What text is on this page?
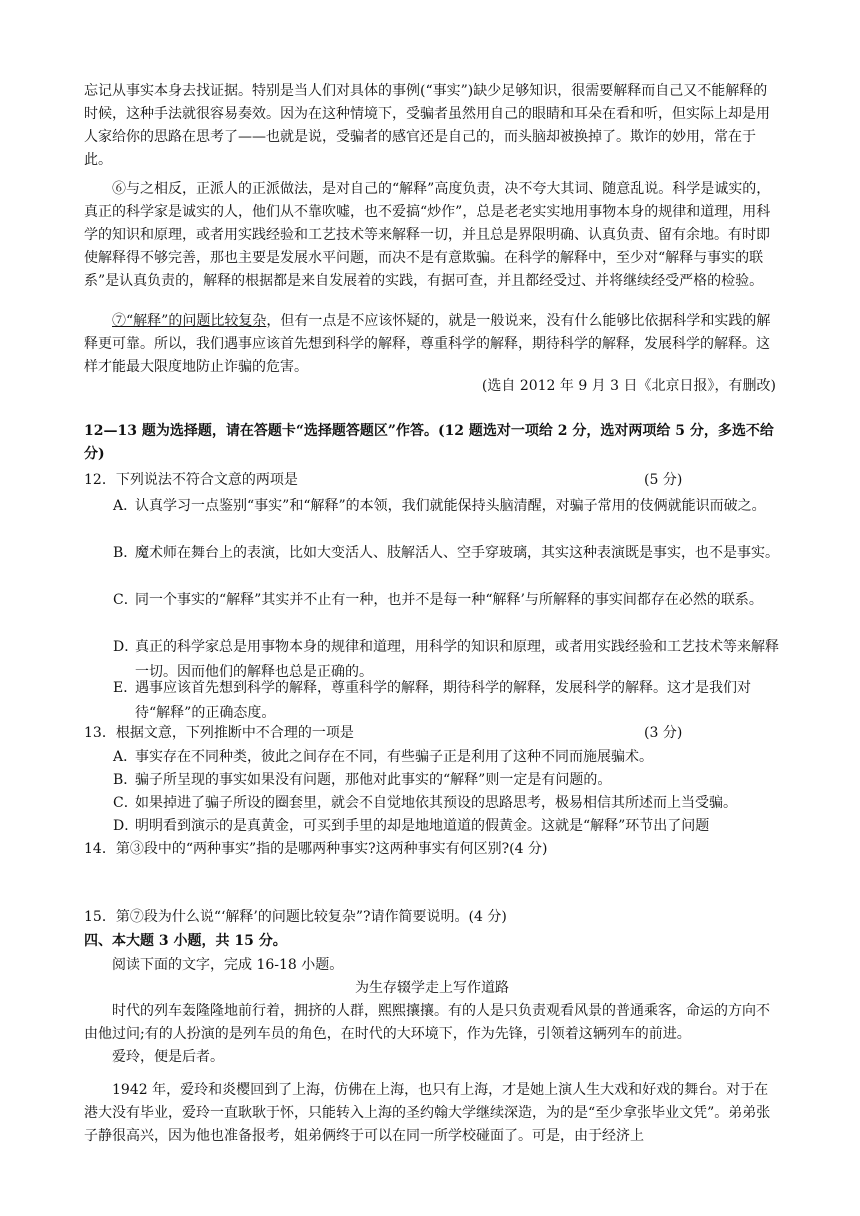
忘记从事实本身去找证据。特别是当人们对具体的事例(“事实”)缺少足够知识，很需要解释而自己又不能解释的时候，这种手法就很容易奏效。因为在这种情境下，受骗者虽然用自己的眼睛和耳朵在看和听，但实际上却是用人家给你的思路在思考了——也就是说，受骗者的感官还是自己的，而头脑却被换掉了。欺诈的妙用，常在于此。
⑥与之相反，正派人的正派做法，是对自己的“解释”高度负责，决不夸大其词、随意乱说。科学是诚实的，真正的科学家是诚实的人，他们从不靠吹嘘，也不爱搞“炒作”，总是老老实实地用事物本身的规律和道理，用科学的知识和原理，或者用实践经验和工艺技术等来解释一切，并且总是界限明确、认真负责、留有余地。有时即使解释得不够完善，那也主要是发展水平问题，而决不是有意欺骗。在科学的解释中，至少对“解释与事实的联系”是认真负责的，解释的根据都是来自发展着的实践，有据可查，并且都经受过、并将继续经受严格的检验。
⑦“解释”的问题比较复杂，但有一点是不应该怀疑的，就是一般说来，没有什么能够比依据科学和实践的解释更可靠。所以，我们遇事应该首先想到科学的解释，尊重科学的解释，期待科学的解释，发展科学的解释。这样才能最大限度地防止诈骗的危害。
(选自 2012 年 9 月 3 日《北京日报》，有删改)
12—13 题为选择题，请在答题卡“选择题答题区”作答。(12 题选对一项给 2 分，选对两项给 5 分，多选不给分)
12．下列说法不符合文意的两项是	(5 分)
A．
认真学习一点鉴别“事实”和“解释”的本领，我们就能保持头脑清醒，对骗子常用的伎俩就能识而破之。
B．
魔术师在舞台上的表演，比如大变活人、肢解活人、空手穿玻璃，其实这种表演既是事实，也不是事实。
C．
同一个事实的“解释”其实并不止有一种，也并不是每一种“解释’与所解释的事实间都存在必然的联系。
D．
真正的科学家总是用事物本身的规律和道理，用科学的知识和原理，或者用实践经验和工艺技术等来解释一切。因而他们的解释也总是正确的。
E．
遇事应该首先想到科学的解释，尊重科学的解释，期待科学的解释，发展科学的解释。这才是我们对待“解释”的正确态度。
13．根据文意，下列推断中不合理的一项是	(3 分)
A．
事实存在不同种类，彼此之间存在不同，有些骗子正是利用了这种不同而施展骗术。
B．
骗子所呈现的事实如果没有问题，那他对此事实的“解释”则一定是有问题的。
C．
如果掉进了骗子所设的圈套里，就会不自觉地依其预设的思路思考，极易相信其所述而上当受骗。
D．
明明看到演示的是真黄金，可买到手里的却是地地道道的假黄金。这就是“解释”环节出了问题
14．第③段中的“两种事实”指的是哪两种事实?这两种事实有何区别?(4 分)
15．第⑦段为什么说“‘解释’的问题比较复杂”?请作简要说明。(4 分)
四、本大题 3 小题，共 15 分。
阅读下面的文字，完成 16-18 小题。
为生存辍学走上写作道路
时代的列车轰隆隆地前行着，拥挤的人群，熙熙攘攘。有的人是只负责观看风景的普通乘客，命运的方向不由他过问;有的人扮演的是列车员的角色，在时代的大环境下，作为先锋，引领着这辆列车的前进。
爱玲，便是后者。
1942 年，爱玲和炎樱回到了上海，仿佛在上海，也只有上海，才是她上演人生大戏和好戏的舞台。对于在港大没有毕业，爱玲一直耿耿于怀，只能转入上海的圣约翰大学继续深造，为的是“至少拿张毕业文凭”。弟弟张子静很高兴，因为他也准备报考，姐弟俩终于可以在同一所学校碰面了。可是，由于经济上
